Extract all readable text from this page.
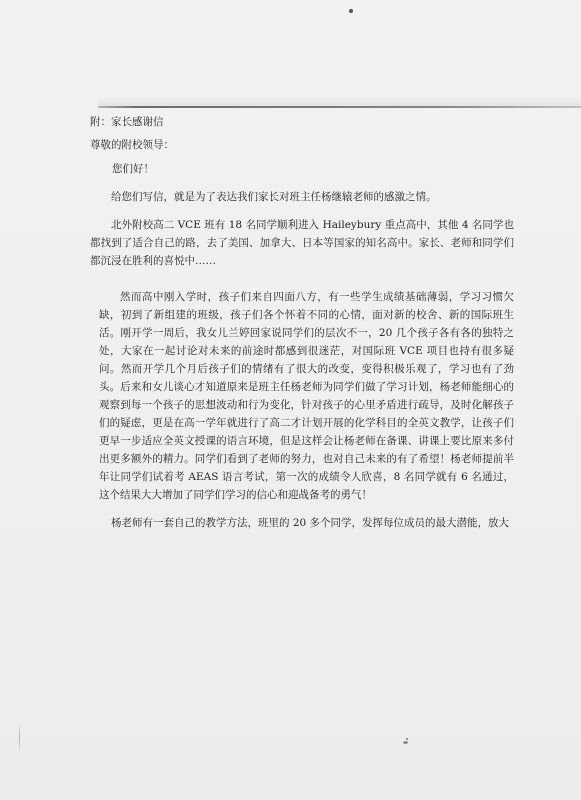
附：家长感谢信

尊敬的附校领导：

您们好！

给您们写信，就是为了表达我们家长对班主任杨继辕老师的感激之情。

北外附校高二 VCE 班有 18 名同学顺利进入 Haileybury 重点高中，其他 4 名同学也都找到了适合自己的路，去了美国、加拿大、日本等国家的知名高中。家长、老师和同学们都沉浸在胜利的喜悦中……

然而高中刚入学时，孩子们来自四面八方，有一些学生成绩基础薄弱，学习习惯欠缺，初到了新组建的班级，孩子们各个怀着不同的心情，面对新的校舍、新的国际班生活。刚开学一周后，我女儿兰婷回家说同学们的层次不一，20 几个孩子各有各的独特之处，大家在一起讨论对未来的前途时都感到很迷茫，对国际班 VCE 项目也持有很多疑问。然而开学几个月后孩子们的情绪有了很大的改变，变得积极乐观了，学习也有了劲头。后来和女儿谈心才知道原来是班主任杨老师为同学们做了学习计划，杨老师能细心的观察到每一个孩子的思想波动和行为变化，针对孩子的心里矛盾进行疏导，及时化解孩子们的疑虑，更是在高一学年就进行了高二才计划开展的化学科目的全英文教学，让孩子们更早一步适应全英文授课的语言环境，但是这样会让杨老师在备课、讲课上要比原来多付出更多额外的精力。同学们看到了老师的努力，也对自己未来的有了希望！杨老师提前半年让同学们试着考 AEAS 语言考试，第一次的成绩令人欣喜，8 名同学就有 6 名通过，这个结果大大增加了同学们学习的信心和迎战备考的勇气！

杨老师有一套自己的教学方法，班里的 20 多个同学，发挥每位成员的最大潜能，放大
